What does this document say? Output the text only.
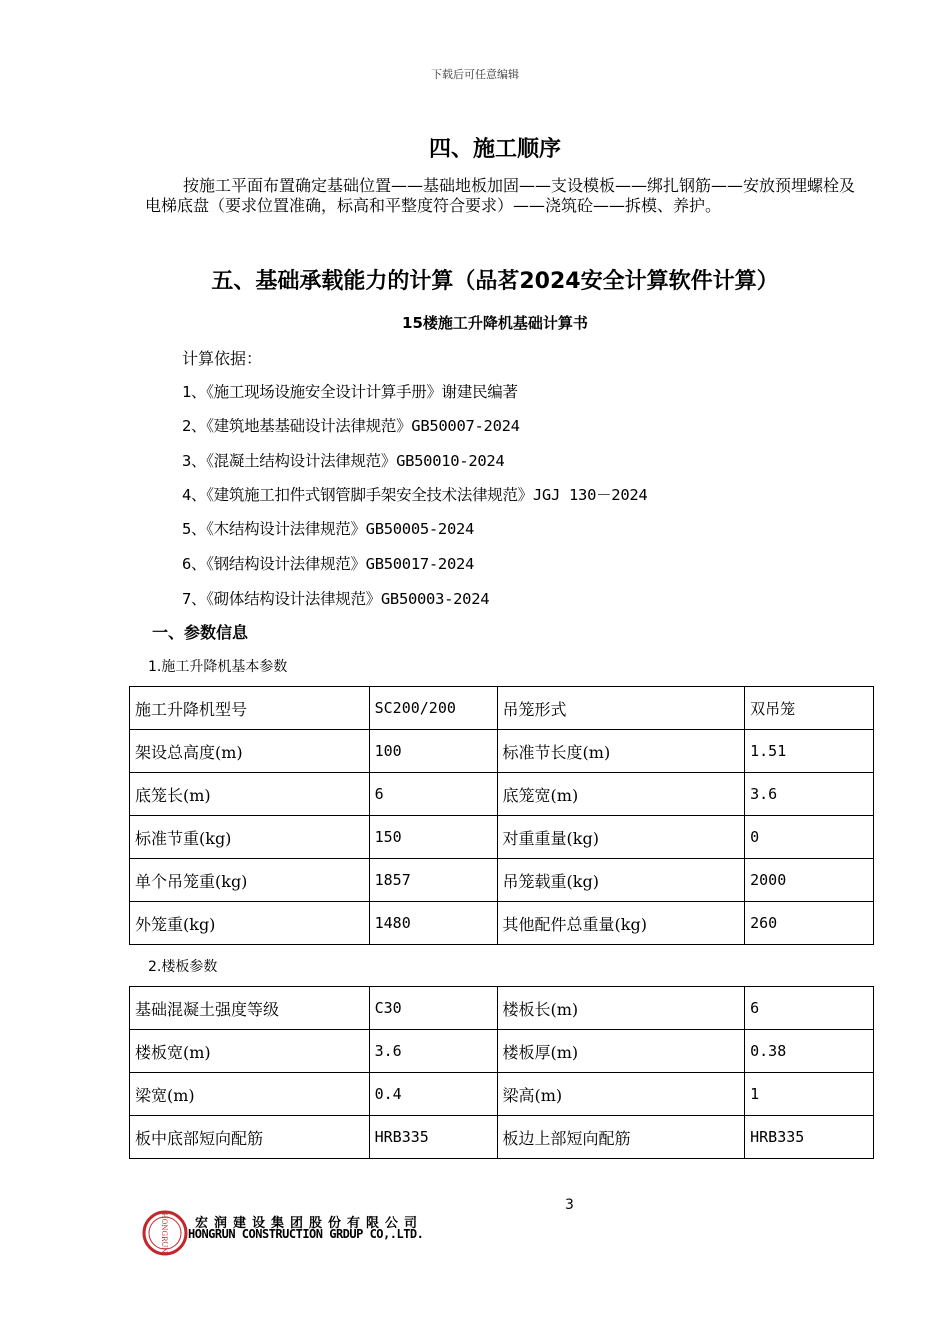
下载后可任意编辑
四、施工顺序
按施工平面布置确定基础位置——基础地板加固——支设模板——绑扎钢筋——安放预埋螺栓及电梯底盘（要求位置准确，标高和平整度符合要求）——浇筑砼——拆模、养护。
五、基础承载能力的计算（品茗2024安全计算软件计算）
15楼施工升降机基础计算书
计算依据：
1、《施工现场设施安全设计计算手册》谢建民编著
2、《建筑地基基础设计法律规范》GB50007-2024
3、《混凝土结构设计法律规范》GB50010-2024
4、《建筑施工扣件式钢管脚手架安全技术法律规范》JGJ 130－2024
5、《木结构设计法律规范》GB50005-2024
6、《钢结构设计法律规范》GB50017-2024
7、《砌体结构设计法律规范》GB50003-2024
一、参数信息
1.施工升降机基本参数
施工升降机型号	SC200/200	吊笼形式	双吊笼
架设总高度(m)	100	标准节长度(m)	1.51
底笼长(m)	6	底笼宽(m)	3.6
标准节重(kg)	150	对重重量(kg)	0
单个吊笼重(kg)	1857	吊笼载重(kg)	2000
外笼重(kg)	1480	其他配件总重量(kg)	260
2.楼板参数
基础混凝土强度等级	C30	楼板长(m)	6
楼板宽(m)	3.6	楼板厚(m)	0.38
梁宽(m)	0.4	梁高(m)	1
板中底部短向配筋	HRB335	板边上部短向配筋	HRB335
3
HONGRUN 宏润建设集团股份有限公司
HONGRUN CONSTRUCTION GRDUP CO,.LTD.
